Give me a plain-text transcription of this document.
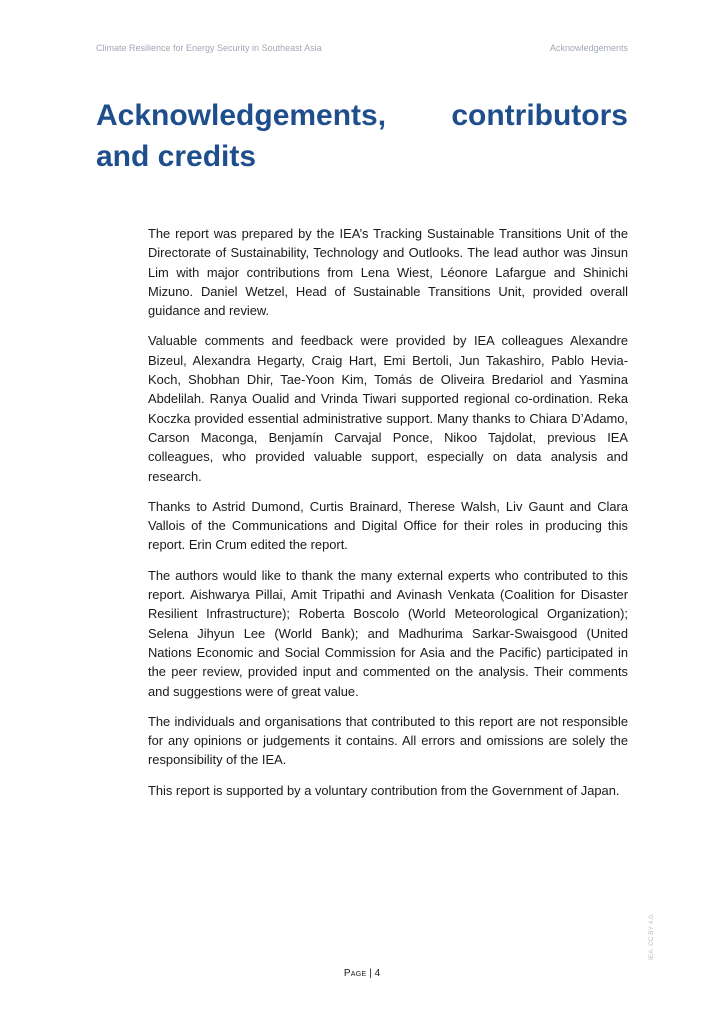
Climate Resilience for Energy Security in Southeast Asia	Acknowledgements
Acknowledgements, contributors and credits

The report was prepared by the IEA’s Tracking Sustainable Transitions Unit of the Directorate of Sustainability, Technology and Outlooks. The lead author was Jinsun Lim with major contributions from Lena Wiest, Léonore Lafargue and Shinichi Mizuno. Daniel Wetzel, Head of Sustainable Transitions Unit, provided overall guidance and review.

Valuable comments and feedback were provided by IEA colleagues Alexandre Bizeul, Alexandra Hegarty, Craig Hart, Emi Bertoli, Jun Takashiro, Pablo Hevia-Koch, Shobhan Dhir, Tae-Yoon Kim, Tomás de Oliveira Bredariol and Yasmina Abdelilah. Ranya Oualid and Vrinda Tiwari supported regional co-ordination. Reka Koczka provided essential administrative support. Many thanks to Chiara D’Adamo, Carson Maconga, Benjamín Carvajal Ponce, Nikoo Tajdolat, previous IEA colleagues, who provided valuable support, especially on data analysis and research.

Thanks to Astrid Dumond, Curtis Brainard, Therese Walsh, Liv Gaunt and Clara Vallois of the Communications and Digital Office for their roles in producing this report. Erin Crum edited the report.

The authors would like to thank the many external experts who contributed to this report. Aishwarya Pillai, Amit Tripathi and Avinash Venkata (Coalition for Disaster Resilient Infrastructure); Roberta Boscolo (World Meteorological Organization); Selena Jihyun Lee (World Bank); and Madhurima Sarkar-Swaisgood (United Nations Economic and Social Commission for Asia and the Pacific) participated in the peer review, provided input and commented on the analysis. Their comments and suggestions were of great value.

The individuals and organisations that contributed to this report are not responsible for any opinions or judgements it contains. All errors and omissions are solely the responsibility of the IEA.

This report is supported by a voluntary contribution from the Government of Japan.

Page | 4
IEA. CC BY 4.0.
